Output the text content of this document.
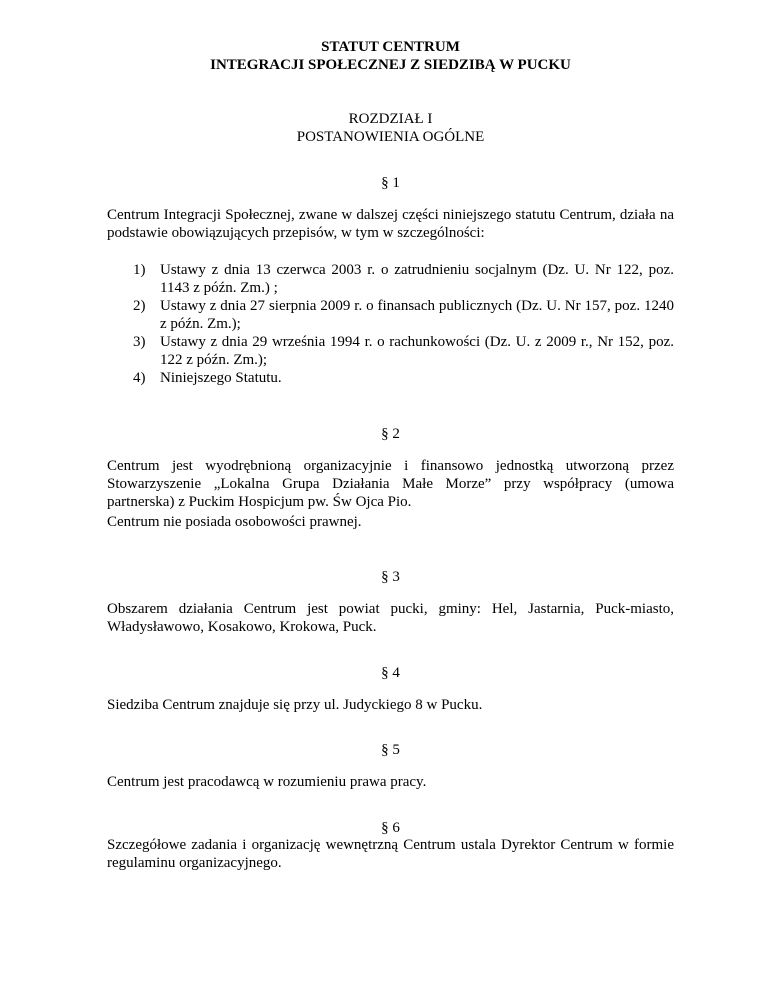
STATUT CENTRUM
INTEGRACJI SPOŁECZNEJ Z SIEDZIBĄ W PUCKU
ROZDZIAŁ I
POSTANOWIENIA OGÓLNE
§ 1
Centrum Integracji Społecznej, zwane w dalszej części niniejszego statutu Centrum, działa na podstawie obowiązujących przepisów, w tym w szczególności:
1) Ustawy z dnia 13 czerwca 2003 r. o zatrudnieniu socjalnym (Dz. U. Nr 122, poz. 1143 z późn. Zm.) ;
2) Ustawy z dnia 27 sierpnia 2009 r. o finansach publicznych (Dz. U. Nr 157, poz. 1240 z późn. Zm.);
3) Ustawy z dnia 29 września 1994 r. o rachunkowości (Dz. U. z 2009 r., Nr 152, poz. 122 z późn. Zm.);
4) Niniejszego Statutu.
§ 2
Centrum jest wyodrębnioną organizacyjnie i finansowo jednostką utworzoną przez Stowarzyszenie „Lokalna Grupa Działania Małe Morze” przy współpracy (umowa partnerska) z Puckim Hospicjum pw. Św Ojca Pio.
Centrum nie posiada osobowości prawnej.
§ 3
Obszarem działania Centrum jest powiat pucki, gminy: Hel, Jastarnia, Puck-miasto, Władysławowo, Kosakowo, Krokowa, Puck.
§ 4
Siedziba Centrum znajduje się przy ul. Judyckiego 8 w Pucku.
§ 5
Centrum jest pracodawcą w rozumieniu prawa pracy.
§ 6
Szczegółowe zadania i organizację wewnętrzną Centrum ustala Dyrektor Centrum w formie regulaminu organizacyjnego.
